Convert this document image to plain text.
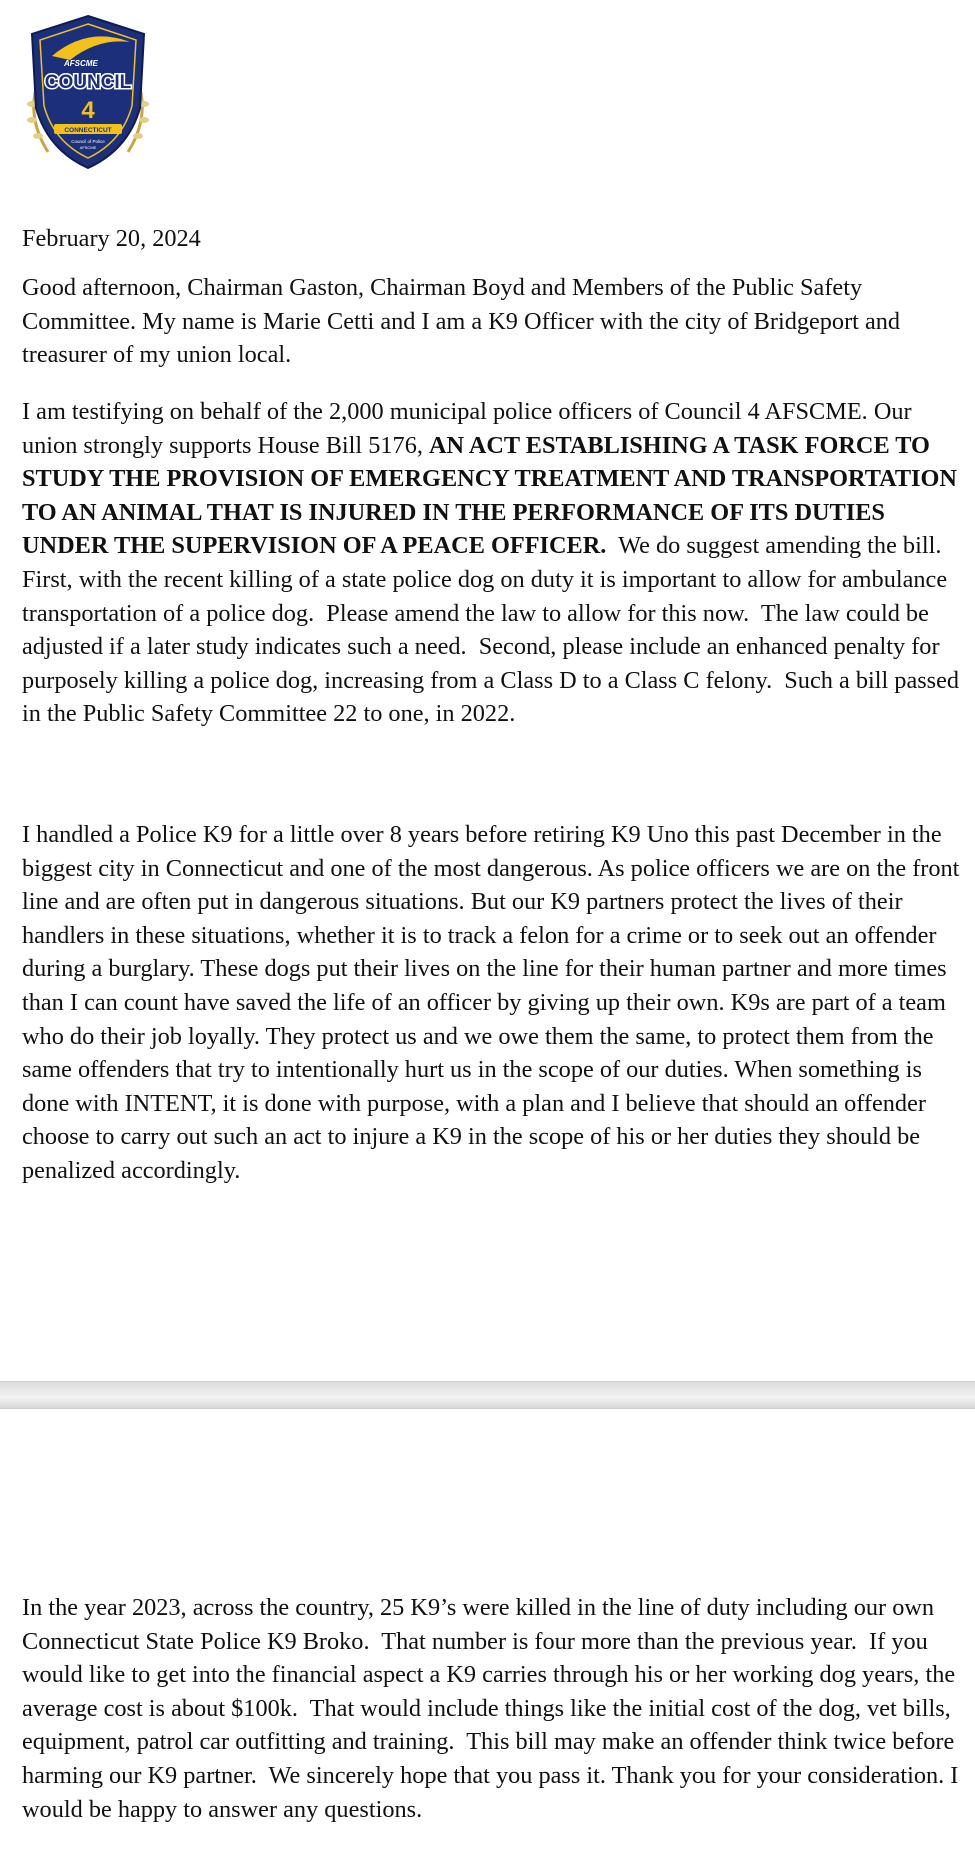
AFSCME
COUNCIL
4
CONNECTICUT
Council of Police
AFSCME

February 20, 2024

Good afternoon, Chairman Gaston, Chairman Boyd and Members of the Public Safety Committee. My name is Marie Cetti and I am a K9 Officer with the city of Bridgeport and treasurer of my union local.

I am testifying on behalf of the 2,000 municipal police officers of Council 4 AFSCME. Our union strongly supports House Bill 5176, AN ACT ESTABLISHING A TASK FORCE TO STUDY THE PROVISION OF EMERGENCY TREATMENT AND TRANSPORTATION TO AN ANIMAL THAT IS INJURED IN THE PERFORMANCE OF ITS DUTIES UNDER THE SUPERVISION OF A PEACE OFFICER.  We do suggest amending the bill.  First, with the recent killing of a state police dog on duty it is important to allow for ambulance transportation of a police dog.  Please amend the law to allow for this now.  The law could be adjusted if a later study indicates such a need.  Second, please include an enhanced penalty for purposely killing a police dog, increasing from a Class D to a Class C felony.  Such a bill passed in the Public Safety Committee 22 to one, in 2022.

I handled a Police K9 for a little over 8 years before retiring K9 Uno this past December in the biggest city in Connecticut and one of the most dangerous. As police officers we are on the front line and are often put in dangerous situations. But our K9 partners protect the lives of their handlers in these situations, whether it is to track a felon for a crime or to seek out an offender during a burglary. These dogs put their lives on the line for their human partner and more times than I can count have saved the life of an officer by giving up their own. K9s are part of a team who do their job loyally. They protect us and we owe them the same, to protect them from the same offenders that try to intentionally hurt us in the scope of our duties. When something is done with INTENT, it is done with purpose, with a plan and I believe that should an offender choose to carry out such an act to injure a K9 in the scope of his or her duties they should be penalized accordingly.

In the year 2023, across the country, 25 K9’s were killed in the line of duty including our own Connecticut State Police K9 Broko.  That number is four more than the previous year.  If you would like to get into the financial aspect a K9 carries through his or her working dog years, the average cost is about $100k.  That would include things like the initial cost of the dog, vet bills, equipment, patrol car outfitting and training.  This bill may make an offender think twice before harming our K9 partner.  We sincerely hope that you pass it. Thank you for your consideration. I would be happy to answer any questions.
